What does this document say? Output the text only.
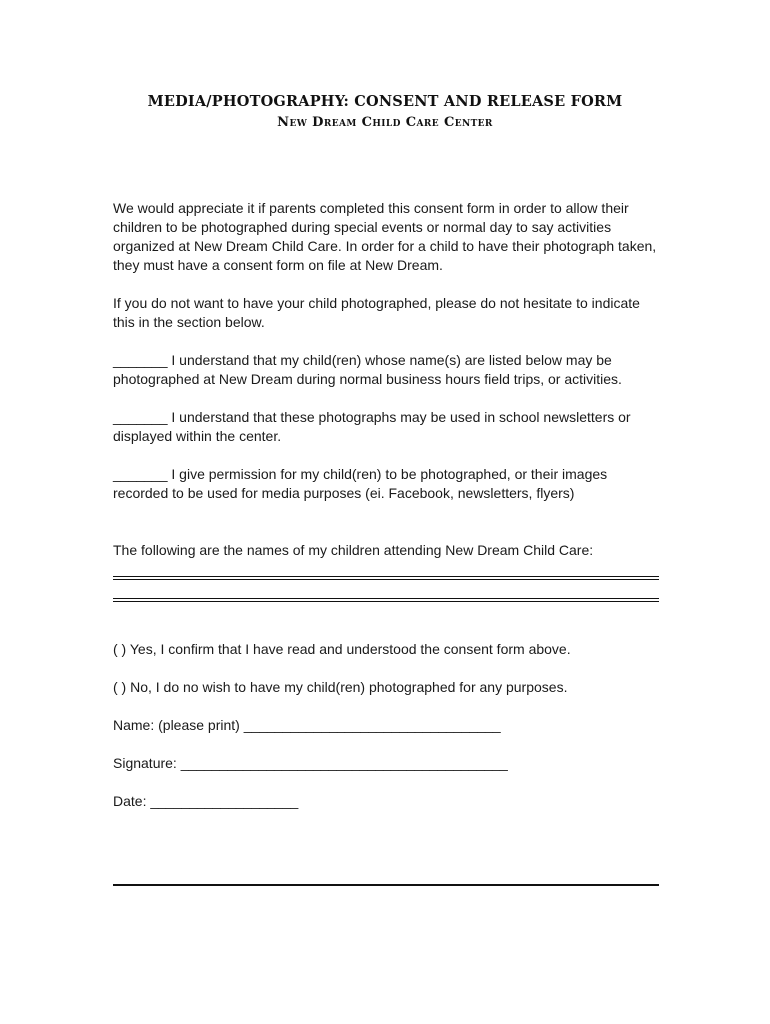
MEDIA/PHOTOGRAPHY: CONSENT AND RELEASE FORM
New Dream Child Care Center
We would appreciate it if parents completed this consent form in order to allow their
children to be photographed during special events or normal day to say activities
organized at New Dream Child Care. In order for a child to have their photograph taken,
they must have a consent form on file at New Dream.
If you do not want to have your child photographed, please do not hesitate to indicate
this in the section below.
_______ I understand that my child(ren) whose name(s) are listed below may be
photographed at New Dream during normal business hours field trips, or activities.
_______ I understand that these photographs may be used in school newsletters or
displayed within the center.
_______ I give permission for my child(ren) to be photographed, or their images
recorded to be used for media purposes (ei. Facebook, newsletters, flyers)
The following are the names of my children attending New Dream Child Care:
( ) Yes, I confirm that I have read and understood the consent form above.
( ) No, I do no wish to have my child(ren) photographed for any purposes.
Name: (please print) _________________________________
Signature: __________________________________________
Date: ___________________
